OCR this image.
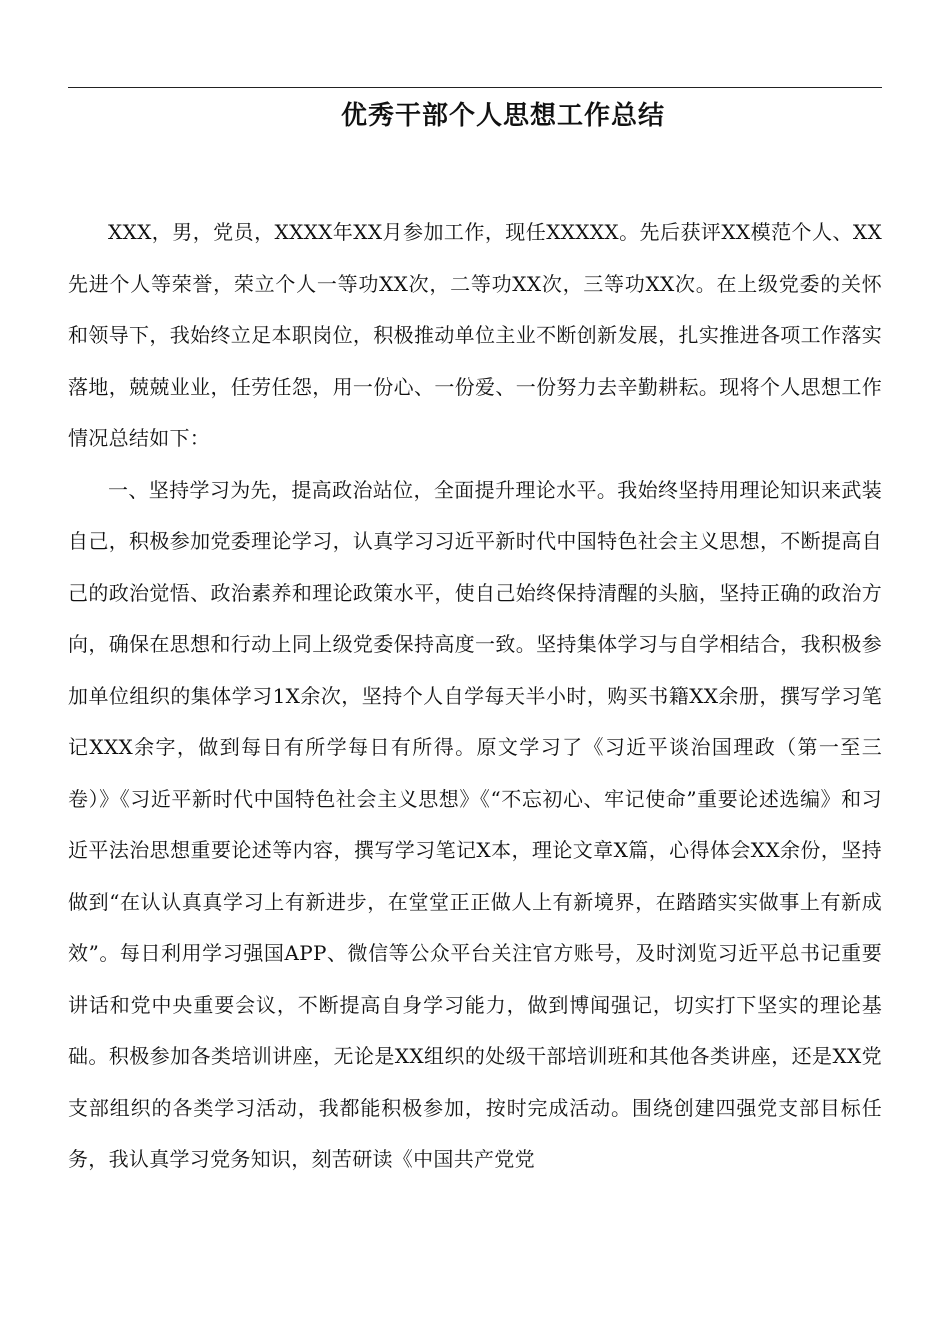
优秀干部个人思想工作总结

XXX，男，党员，XXXX年XX月参加工作，现任XXXXX。先后获评XX模范个人、XX先进个人等荣誉，荣立个人一等功XX次，二等功XX次，三等功XX次。在上级党委的关怀和领导下，我始终立足本职岗位，积极推动单位主业不断创新发展，扎实推进各项工作落实落地，兢兢业业，任劳任怨，用一份心、一份爱、一份努力去辛勤耕耘。现将个人思想工作情况总结如下：

一、坚持学习为先，提高政治站位，全面提升理论水平。我始终坚持用理论知识来武装自己，积极参加党委理论学习，认真学习习近平新时代中国特色社会主义思想，不断提高自己的政治觉悟、政治素养和理论政策水平，使自己始终保持清醒的头脑，坚持正确的政治方向，确保在思想和行动上同上级党委保持高度一致。坚持集体学习与自学相结合，我积极参加单位组织的集体学习1X余次，坚持个人自学每天半小时，购买书籍XX余册，撰写学习笔记XXX余字，做到每日有所学每日有所得。原文学习了《习近平谈治国理政（第一至三卷）》《习近平新时代中国特色社会主义思想》《“不忘初心、牢记使命”重要论述选编》和习近平法治思想重要论述等内容，撰写学习笔记X本，理论文章X篇，心得体会XX余份，坚持做到“在认认真真学习上有新进步，在堂堂正正做人上有新境界，在踏踏实实做事上有新成效”。每日利用学习强国APP、微信等公众平台关注官方账号，及时浏览习近平总书记重要讲话和党中央重要会议，不断提高自身学习能力，做到博闻强记，切实打下坚实的理论基础。积极参加各类培训讲座，无论是XX组织的处级干部培训班和其他各类讲座，还是XX党支部组织的各类学习活动，我都能积极参加，按时完成活动。围绕创建四强党支部目标任务，我认真学习党务知识，刻苦研读《中国共产党党
